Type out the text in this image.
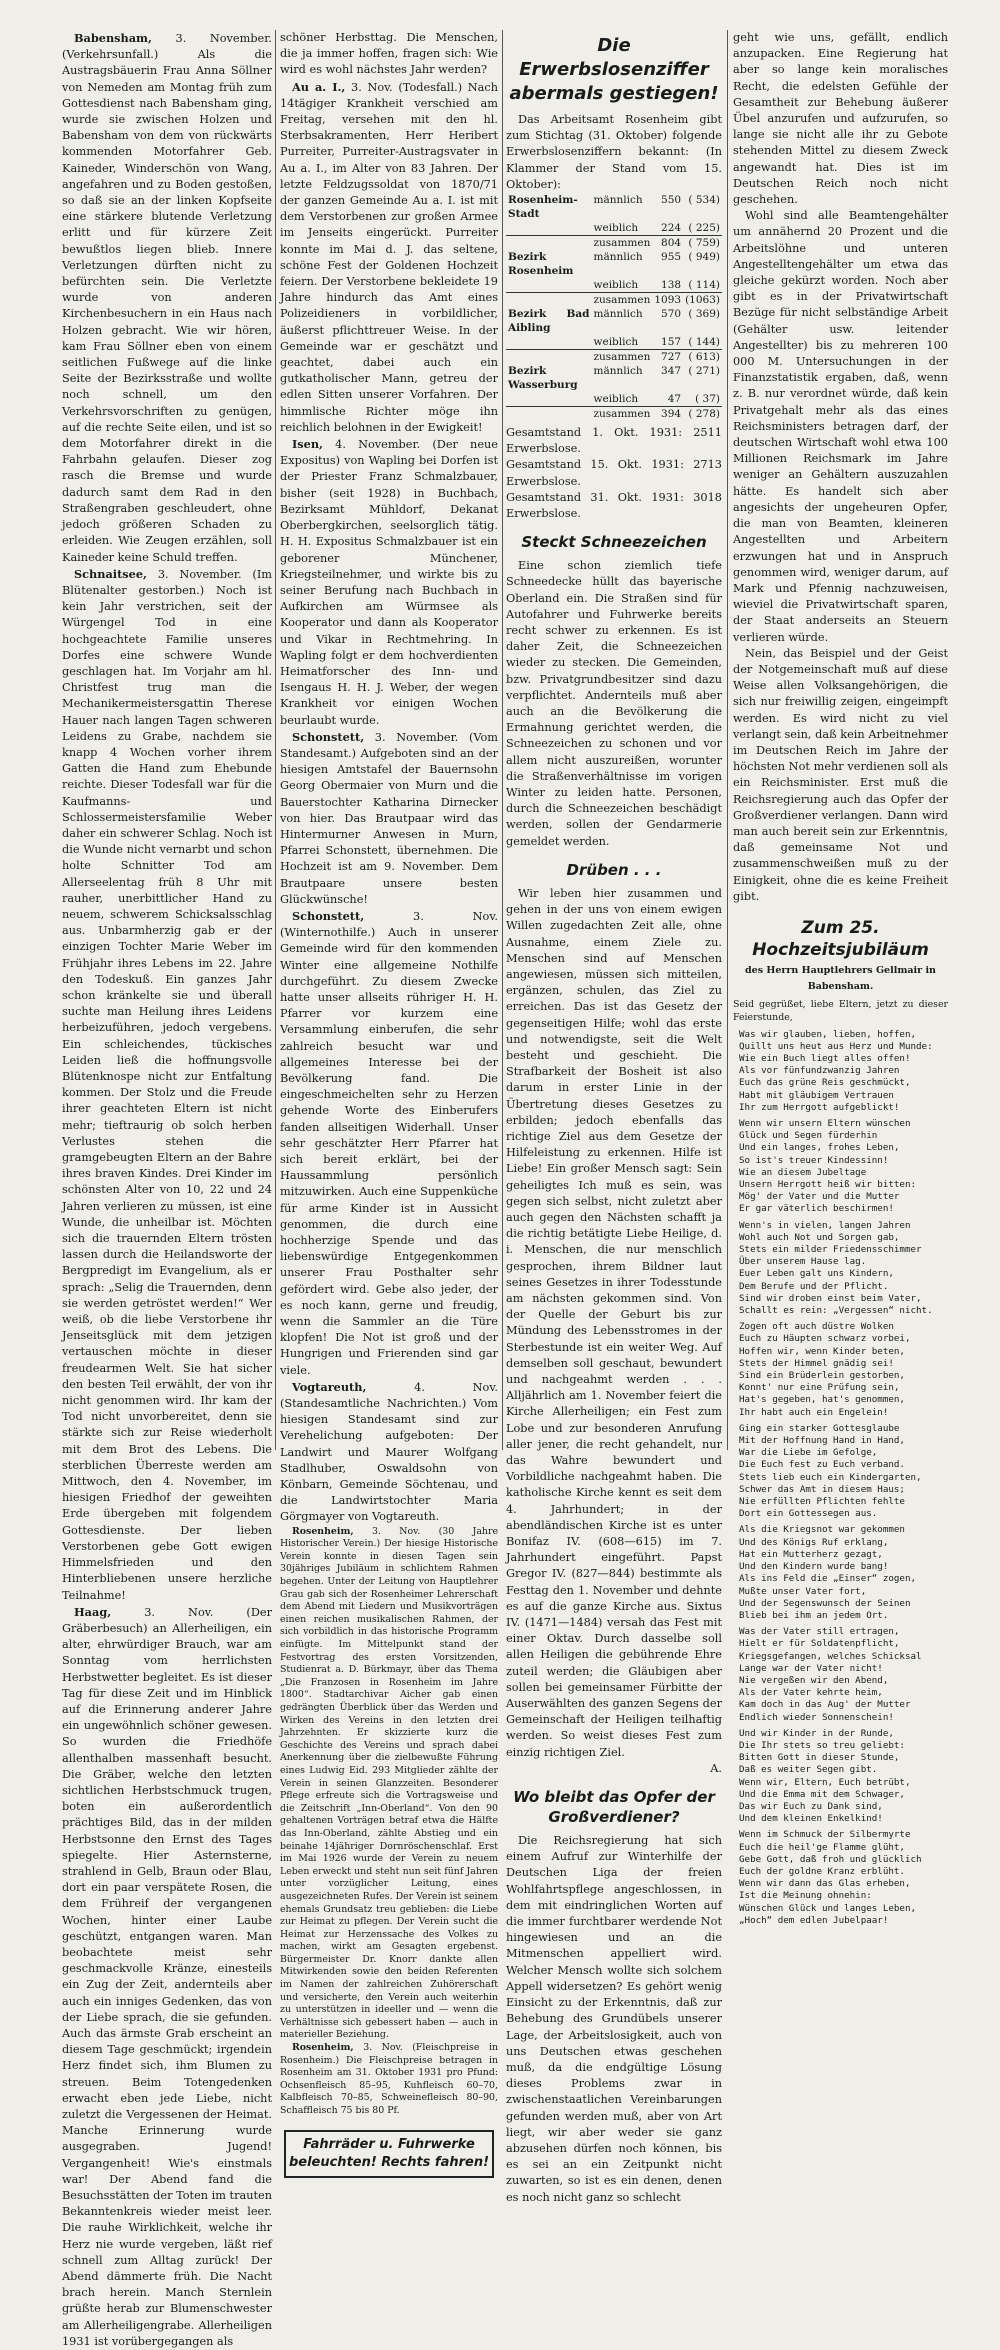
Babensham, 3. November. (Verkehrsunfall.) Als die Austragsbäuerin Frau Anna Söllner von Nemeden am Montag früh zum Gottesdienst nach Babensham ging, wurde sie zwischen Holzen und Babensham von dem von rückwärts kommenden Motorfahrer Geb. Kaineder, Winderschön von Wang, angefahren und zu Boden gestoßen, so daß sie an der linken Kopfseite eine stärkere blutende Verletzung erlitt und für kürzere Zeit bewußtlos liegen blieb. Innere Verletzungen dürften nicht zu befürchten sein. Die Verletzte wurde von anderen Kirchenbesuchern in ein Haus nach Holzen gebracht. Wie wir hören, kam Frau Söllner eben von einem seitlichen Fußwege auf die linke Seite der Bezirksstraße und wollte noch schnell, um den Verkehrsvorschriften zu genügen, auf die rechte Seite eilen, und ist so dem Motorfahrer direkt in die Fahrbahn gelaufen. Dieser zog rasch die Bremse und wurde dadurch samt dem Rad in den Straßengraben geschleudert, ohne jedoch größeren Schaden zu erleiden. Wie Zeugen erzählen, soll Kaineder keine Schuld treffen.

Schnaitsee, 3. November. (Im Blütenalter gestorben.) Noch ist kein Jahr verstrichen, seit der Würgengel Tod in eine hochgeachtete Familie unseres Dorfes eine schwere Wunde geschlagen hat. Im Vorjahr am hl. Christfest trug man die Mechanikermeistersgattin Therese Hauer nach langen Tagen schweren Leidens zu Grabe, nachdem sie knapp 4 Wochen vorher ihrem Gatten die Hand zum Ehebunde reichte. Dieser Todesfall war für die Kaufmanns- und Schlossermeistersfamilie Weber daher ein schwerer Schlag. Noch ist die Wunde nicht vernarbt und schon holte Schnitter Tod am Allerseelentag früh 8 Uhr mit rauher, unerbittlicher Hand zu neuem, schwerem Schicksalsschlag aus. Unbarmherzig gab er der einzigen Tochter Marie Weber im Frühjahr ihres Lebens im 22. Jahre den Todeskuß. Ein ganzes Jahr schon kränkelte sie und überall suchte man Heilung ihres Leidens herbeizuführen, jedoch vergebens. Ein schleichendes, tückisches Leiden ließ die hoffnungsvolle Blütenknospe nicht zur Entfaltung kommen. Der Stolz und die Freude ihrer geachteten Eltern ist nicht mehr; tieftraurig ob solch herben Verlustes stehen die gramgebeugten Eltern an der Bahre ihres braven Kindes. Drei Kinder im schönsten Alter von 10, 22 und 24 Jahren verlieren zu müssen, ist eine Wunde, die unheilbar ist. Möchten sich die trauernden Eltern trösten lassen durch die Heilandsworte der Bergpredigt im Evangelium, als er sprach: „Selig die Trauernden, denn sie werden getröstet werden!“ Wer weiß, ob die liebe Verstorbene ihr Jenseitsglück mit dem jetzigen vertauschen möchte in dieser freudearmen Welt. Sie hat sicher den besten Teil erwählt, der von ihr nicht genommen wird. Ihr kam der Tod nicht unvorbereitet, denn sie stärkte sich zur Reise wiederholt mit dem Brot des Lebens. Die sterblichen Überreste werden am Mittwoch, den 4. November, im hiesigen Friedhof der geweihten Erde übergeben mit folgendem Gottesdienste. Der lieben Verstorbenen gebe Gott ewigen Himmelsfrieden und den Hinterbliebenen unsere herzliche Teilnahme!

Haag,	3. Nov. (Der Gräberbesuch) an Allerheiligen, ein alter, ehrwürdiger Brauch, war am Sonntag vom herrlichsten Herbstwetter begleitet. Es ist dieser Tag für diese Zeit und im Hinblick auf die Erinnerung anderer Jahre ein ungewöhnlich schöner gewesen. So wurden die Friedhöfe allenthalben massenhaft besucht. Die Gräber, welche den letzten sichtlichen Herbstschmuck trugen, boten ein außerordentlich prächtiges Bild, das in der milden Herbstsonne den Ernst des Tages spiegelte. Hier Asternsterne, strahlend in Gelb, Braun oder Blau, dort ein paar verspätete Rosen, die dem Frühreif der vergangenen Wochen, hinter einer Laube geschützt, entgangen waren. Man beobachtete meist sehr geschmackvolle Kränze, einesteils ein Zug der Zeit, andernteils aber auch ein inniges Gedenken, das von der Liebe sprach, die sie gefunden. Auch das ärmste Grab erscheint an diesem Tage geschmückt; irgendein Herz findet sich, ihm Blumen zu streuen. Beim Totengedenken erwacht eben jede Liebe, nicht zuletzt die Vergessenen der Heimat. Manche Erinnerung wurde ausgegraben. Jugend! Vergangenheit! Wie's einstmals war! Der Abend fand die Besuchsstätten der Toten im trauten Bekanntenkreis wieder meist leer. Die rauhe Wirklichkeit, welche ihr Herz nie wurde vergeben, läßt rief schnell zum Alltag zurück! Der Abend dämmerte früh. Die Nacht brach herein. Manch Sternlein grüßte herab zur Blumenschwester am Allerheiligengrabe. Allerheiligen 1931 ist vorübergegangen als

schöner Herbsttag. Die Menschen, die ja immer hoffen, fragen sich: Wie wird es wohl nächstes Jahr werden?

Au a. I., 3. Nov. (Todesfall.) Nach 14tägiger Krankheit verschied am Freitag, versehen mit den hl. Sterbsakramenten, Herr Heribert Purreiter, Purreiter-Austragsvater in Au a. I., im Alter von 83 Jahren. Der letzte Feldzugssoldat von 1870/71 der ganzen Gemeinde Au a. I. ist mit dem Verstorbenen zur großen Armee im Jenseits eingerückt. Purreiter konnte im Mai d. J. das seltene, schöne Fest der Goldenen Hochzeit feiern. Der Verstorbene bekleidete 19 Jahre hindurch das Amt eines Polizeidieners in vorbildlicher, äußerst pflichttreuer Weise. In der Gemeinde war er geschätzt und geachtet, dabei auch ein gutkatholischer Mann, getreu der edlen Sitten unserer Vorfahren. Der himmlische Richter möge ihn reichlich belohnen in der Ewigkeit!

Isen, 4. November. (Der neue Expositus) von Wapling bei Dorfen ist der Priester Franz Schmalzbauer, bisher (seit 1928) in Buchbach, Bezirksamt Mühldorf, Dekanat Oberbergkirchen, seelsorglich tätig. H. H. Expositus Schmalzbauer ist ein geborener Münchener, Kriegsteilnehmer, und wirkte bis zu seiner Berufung nach Buchbach in Aufkirchen am Würmsee als Kooperator und dann als Kooperator und Vikar in Rechtmehring. In Wapling folgt er dem hochverdienten Heimatforscher des Inn- und Isengaus H. H. J. Weber, der wegen Krankheit vor einigen Wochen beurlaubt wurde.

Schonstett, 3. November. (Vom Standesamt.) Aufgeboten sind an der hiesigen Amtstafel der Bauernsohn Georg Obermaier von Murn und die Bauerstochter Katharina Dirnecker von hier. Das Brautpaar wird das Hintermurner Anwesen in Murn, Pfarrei Schonstett, übernehmen. Die Hochzeit ist am 9. November. Dem Brautpaare unsere besten Glückwünsche!

Schonstett,	3. Nov. (Winternothilfe.) Auch in unserer Gemeinde wird für den kommenden Winter eine allgemeine Nothilfe durchgeführt. Zu diesem Zwecke hatte unser allseits rühriger H. H. Pfarrer vor kurzem eine Versammlung einberufen, die sehr zahlreich besucht war und allgemeines Interesse bei der Bevölkerung fand. Die eingeschmeichelten sehr zu Herzen gehende Worte des Einberufers fanden allseitigen Widerhall. Unser sehr geschätzter Herr Pfarrer hat sich bereit erklärt, bei der Haussammlung persönlich mitzuwirken. Auch eine Suppenküche für arme Kinder ist in Aussicht genommen, die durch eine hochherzige Spende und das liebenswürdige Entgegenkommen unserer Frau Posthalter sehr gefördert wird. Gebe also jeder, der es noch kann, gerne und freudig, wenn die Sammler an die Türe klopfen! Die Not ist groß und der Hungrigen und Frierenden sind gar viele.

Vogtareuth,	4. Nov. (Standesamtliche Nachrichten.) Vom hiesigen Standesamt sind zur Verehelichung aufgeboten: Der Landwirt und Maurer Wolfgang Stadlhuber, Oswaldsohn von Könbarn, Gemeinde Söchtenau, und die Landwirtstochter Maria Görgmayer von Vogtareuth.

Rosenheim, 3. Nov. (30 Jahre Historischer Verein.) Der hiesige Historische Verein konnte in diesen Tagen sein 30jähriges Jubiläum in schlichtem Rahmen begehen. Unter der Leitung von Hauptlehrer Grau gab sich der Rosenheimer Lehrerschaft dem Abend mit Liedern und Musikvorträgen einen reichen musikalischen Rahmen, der sich vorbildlich in das historische Programm einfügte. Im Mittelpunkt stand der Festvortrag des ersten Vorsitzenden, Studienrat a. D. Bürkmayr, über das Thema „Die Franzosen in Rosenheim im Jahre 1800“. Stadtarchivar Aicher gab einen gedrängten Überblick über das Werden und Wirken des Vereins in den letzten drei Jahrzehnten. Er skizzierte kurz die Geschichte des Vereins und sprach dabei Anerkennung über die zielbewußte Führung eines Ludwig Eid. 293 Mitglieder zählte der Verein in seinen Glanzzeiten. Besonderer Pflege erfreute sich die Vortragsweise und die Zeitschrift „Inn-Oberland“. Von den 90 gehaltenen Vorträgen betraf etwa die Hälfte das Inn-Oberland, zählte Abstieg und ein beinahe 14jähriger Dornröschenschlaf. Erst im Mai 1926 wurde der Verein zu neuem Leben erweckt und steht nun seit fünf Jahren unter vorzüglicher Leitung, eines ausgezeichneten Rufes. Der Verein ist seinem ehemals Grundsatz treu geblieben: die Liebe zur Heimat zu pflegen. Der Verein sucht die Heimat zur Herzenssache des Volkes zu machen, wirkt am Gesagten ergebenst. Bürgermeister Dr. Knorr dankte allen Mitwirkenden sowie den beiden Referenten im Namen der zahlreichen Zuhörerschaft und versicherte, den Verein auch weiterhin zu unterstützen in ideeller und — wenn die Verhältnisse sich gebessert haben — auch in materieller Beziehung.

Rosenheim, 3. Nov. (Fleischpreise in Rosenheim.) Die Fleischpreise betragen in Rosenheim am 31. Oktober 1931 pro Pfund: Ochsenfleisch 85–95, Kuhfleisch 60–70, Kalbfleisch 70–85, Schweinefleisch 80–90, Schaffleisch 75 bis 80 Pf.

Fahrräder u. Fuhrwerke beleuchten! Rechts fahren!
Die Erwerbslosenziffer abermals gestiegen!

Das Arbeitsamt Rosenheim gibt zum Stichtag (31. Oktober) folgende Erwerbslosenziffern bekannt: (In Klammer der Stand vom 15. Oktober):

Rosenheim-Stadt	männlich	550	( 534)
	weiblich	224	( 225)
	zusammen	804	( 759)
Bezirk Rosenheim	männlich	955	( 949)
	weiblich	138	( 114)
	zusammen	1093	(1063)
Bezirk Bad Aibling	männlich	570	( 369)
	weiblich	157	( 144)
	zusammen	727	( 613)
Bezirk Wasserburg	männlich	347	( 271)
	weiblich	47	( 37)
	zusammen	394	( 278)
Gesamtstand 1. Okt. 1931: 2511 Erwerbslose.
Gesamtstand 15. Okt. 1931: 2713 Erwerbslose.
Gesamtstand 31. Okt. 1931: 3018 Erwerbslose.
Steckt Schneezeichen

Eine schon ziemlich tiefe Schneedecke hüllt das bayerische Oberland ein. Die Straßen sind für Autofahrer und Fuhrwerke bereits recht schwer zu erkennen. Es ist daher Zeit, die Schneezeichen wieder zu stecken. Die Gemeinden, bzw. Privatgrundbesitzer sind dazu verpflichtet. Andernteils muß aber auch an die Bevölkerung die Ermahnung gerichtet werden, die Schneezeichen zu schonen und vor allem nicht auszureißen, worunter die Straßenverhältnisse im vorigen Winter zu leiden hatte. Personen, durch die Schneezeichen beschädigt werden, sollen der Gendarmerie gemeldet werden.

Drüben . . .

Wir leben hier zusammen und gehen in der uns von einem ewigen Willen zugedachten Zeit alle, ohne Ausnahme, einem Ziele zu. Menschen sind auf Menschen angewiesen, müssen sich mitteilen, ergänzen, schulen, das Ziel zu erreichen. Das ist das Gesetz der gegenseitigen Hilfe; wohl das erste und notwendigste, seit die Welt besteht und geschieht. Die Strafbarkeit der Bosheit ist also darum in erster Linie in der Übertretung dieses Gesetzes zu erbilden; jedoch ebenfalls das richtige Ziel aus dem Gesetze der Hilfeleistung zu erkennen. Hilfe ist Liebe! Ein großer Mensch sagt: Sein geheiligtes Ich muß es sein, was gegen sich selbst, nicht zuletzt aber auch gegen den Nächsten schafft ja die richtig betätigte Liebe Heilige, d. i. Menschen, die nur menschlich gesprochen, ihrem Bildner laut seines Gesetzes in ihrer Todesstunde am nächsten gekommen sind. Von der Quelle der Geburt bis zur Mündung des Lebensstromes in der Sterbestunde ist ein weiter Weg. Auf demselben soll geschaut, bewundert und nachgeahmt werden . . . Alljährlich am 1. November feiert die Kirche Allerheiligen; ein Fest zum Lobe und zur besonderen Anrufung aller jener, die recht gehandelt, nur das Wahre bewundert und Vorbildliche nachgeahmt haben. Die katholische Kirche kennt es seit dem 4. Jahrhundert; in der abendländischen Kirche ist es unter Bonifaz IV. (608—615) im 7. Jahrhundert eingeführt. Papst Gregor IV. (827—844) bestimmte als Festtag den 1. November und dehnte es auf die ganze Kirche aus. Sixtus IV. (1471—1484) versah das Fest mit einer Oktav. Durch dasselbe soll allen Heiligen die gebührende Ehre zuteil werden; die Gläubigen aber sollen bei gemeinsamer Fürbitte der Auserwählten des ganzen Segens der Gemeinschaft der Heiligen teilhaftig werden. So weist dieses Fest zum einzig richtigen Ziel.

A.
Wo bleibt das Opfer der Großverdiener?

Die Reichsregierung hat sich einem Aufruf zur Winterhilfe der Deutschen Liga der freien Wohlfahrtspflege angeschlossen, in dem mit eindringlichen Worten auf die immer furchtbarer werdende Not hingewiesen und an die Mitmenschen appelliert wird. Welcher Mensch wollte sich solchem Appell widersetzen? Es gehört wenig Einsicht zu der Erkenntnis, daß zur Behebung des Grundübels unserer Lage, der Arbeitslosigkeit, auch von uns Deutschen etwas geschehen muß, da die endgültige Lösung dieses Problems zwar in zwischenstaatlichen Vereinbarungen gefunden werden muß, aber von Art liegt, wir aber weder sie ganz abzusehen dürfen noch können, bis es sei an ein Zeitpunkt nicht zuwarten, so ist es ein denen, denen es noch nicht ganz so schlecht

geht wie uns, gefällt, endlich anzupacken. Eine Regierung hat aber so lange kein moralisches Recht, die edelsten Gefühle der Gesamtheit zur Behebung äußerer Übel anzurufen und aufzurufen, so lange sie nicht alle ihr zu Gebote stehenden Mittel zu diesem Zweck angewandt hat. Dies ist im Deutschen Reich noch nicht geschehen.

Wohl sind alle Beamtengehälter um annähernd 20 Prozent und die Arbeitslöhne und unteren Angestelltengehälter um etwa das gleiche gekürzt worden. Noch aber gibt es in der Privatwirtschaft Bezüge für nicht selbständige Arbeit (Gehälter usw. leitender Angestellter) bis zu mehreren 100 000 M. Untersuchungen in der Finanzstatistik ergaben, daß, wenn z. B. nur verordnet würde, daß kein Privatgehalt mehr als das eines Reichsministers betragen darf, der deutschen Wirtschaft wohl etwa 100 Millionen Reichsmark im Jahre weniger an Gehältern auszuzahlen hätte. Es handelt sich aber angesichts der ungeheuren Opfer, die man von Beamten, kleineren Angestellten und Arbeitern erzwungen hat und in Anspruch genommen wird, weniger darum, auf Mark und Pfennig nachzuweisen, wieviel die Privatwirtschaft sparen, der Staat anderseits an Steuern verlieren würde.

Nein, das Beispiel und der Geist der Notgemeinschaft muß auf diese Weise allen Volksangehörigen, die sich nur freiwillig zeigen, eingeimpft werden. Es wird nicht zu viel verlangt sein, daß kein Arbeitnehmer im Deutschen Reich im Jahre der höchsten Not mehr verdienen soll als ein Reichsminister. Erst muß die Reichsregierung auch das Opfer der Großverdiener verlangen. Dann wird man auch bereit sein zur Erkenntnis, daß gemeinsame Not und zusammenschweißen muß zu der Einigkeit, ohne die es keine Freiheit gibt.

Zum 25. Hochzeitsjubiläum
des Herrn Hauptlehrers Gellmair in Babensham.
Seid gegrüßet, liebe Eltern, jetzt zu dieser Feierstunde,
Was wir glauben, lieben, hoffen,
Quillt uns heut aus Herz und Munde:
Wie ein Buch liegt alles offen!
Als vor fünfundzwanzig Jahren
Euch das grüne Reis geschmückt,
Habt mit gläubigem Vertrauen
Ihr zum Herrgott aufgeblickt!
Wenn wir unsern Eltern wünschen
Glück und Segen fürderhin
Und ein langes, frohes Leben,
So ist's treuer Kindessinn!
Wie an diesem Jubeltage
Unsern Herrgott heiß wir bitten:
Mög' der Vater und die Mutter
Er gar väterlich beschirmen!
Wenn's in vielen, langen Jahren
Wohl auch Not und Sorgen gab,
Stets ein milder Friedensschimmer
Über unserem Hause lag.
Euer Leben galt uns Kindern,
Dem Berufe und der Pflicht.
Sind wir droben einst beim Vater,
Schallt es rein: „Vergessen“ nicht.
Zogen oft auch düstre Wolken
Euch zu Häupten schwarz vorbei,
Hoffen wir, wenn Kinder beten,
Stets der Himmel gnädig sei!
Sind ein Brüderlein gestorben,
Konnt' nur eine Prüfung sein,
Hat's gegeben, hat's genommen,
Ihr habt auch ein Engelein!
Ging ein starker Gottesglaube
Mit der Hoffnung Hand in Hand,
War die Liebe im Gefolge,
Die Euch fest zu Euch verband.
Stets lieb euch ein Kindergarten,
Schwer das Amt in diesem Haus;
Nie erfüllten Pflichten fehlte
Dort ein Gottessegen aus.
Als die Kriegsnot war gekommen
Und des Königs Ruf erklang,
Hat ein Mutterherz gezagt,
Und den Kindern wurde bang!
Als ins Feld die „Einser“ zogen,
Mußte unser Vater fort,
Und der Segenswunsch der Seinen
Blieb bei ihm an jedem Ort.
Was der Vater still ertragen,
Hielt er für Soldatenpflicht,
Kriegsgefangen, welches Schicksal
Lange war der Vater nicht!
Nie vergeßen wir den Abend,
Als der Vater kehrte heim,
Kam doch in das Aug' der Mutter
Endlich wieder Sonnenschein!
Und wir Kinder in der Runde,
Die Ihr stets so treu geliebt:
Bitten Gott in dieser Stunde,
Daß es weiter Segen gibt.
Wenn wir, Eltern, Euch betrübt,
Und die Emma mit dem Schwager,
Das wir Euch zu Dank sind,
Und dem kleinen Enkelkind!
Wenn im Schmuck der Silbermyrte
Euch die heil'ge Flamme glüht,
Gebe Gott, daß froh und glücklich
Euch der goldne Kranz erblüht.
Wenn wir dann das Glas erheben,
Ist die Meinung ohnehin:
Wünschen Glück und langes Leben,
„Hoch“ dem edlen Jubelpaar!
